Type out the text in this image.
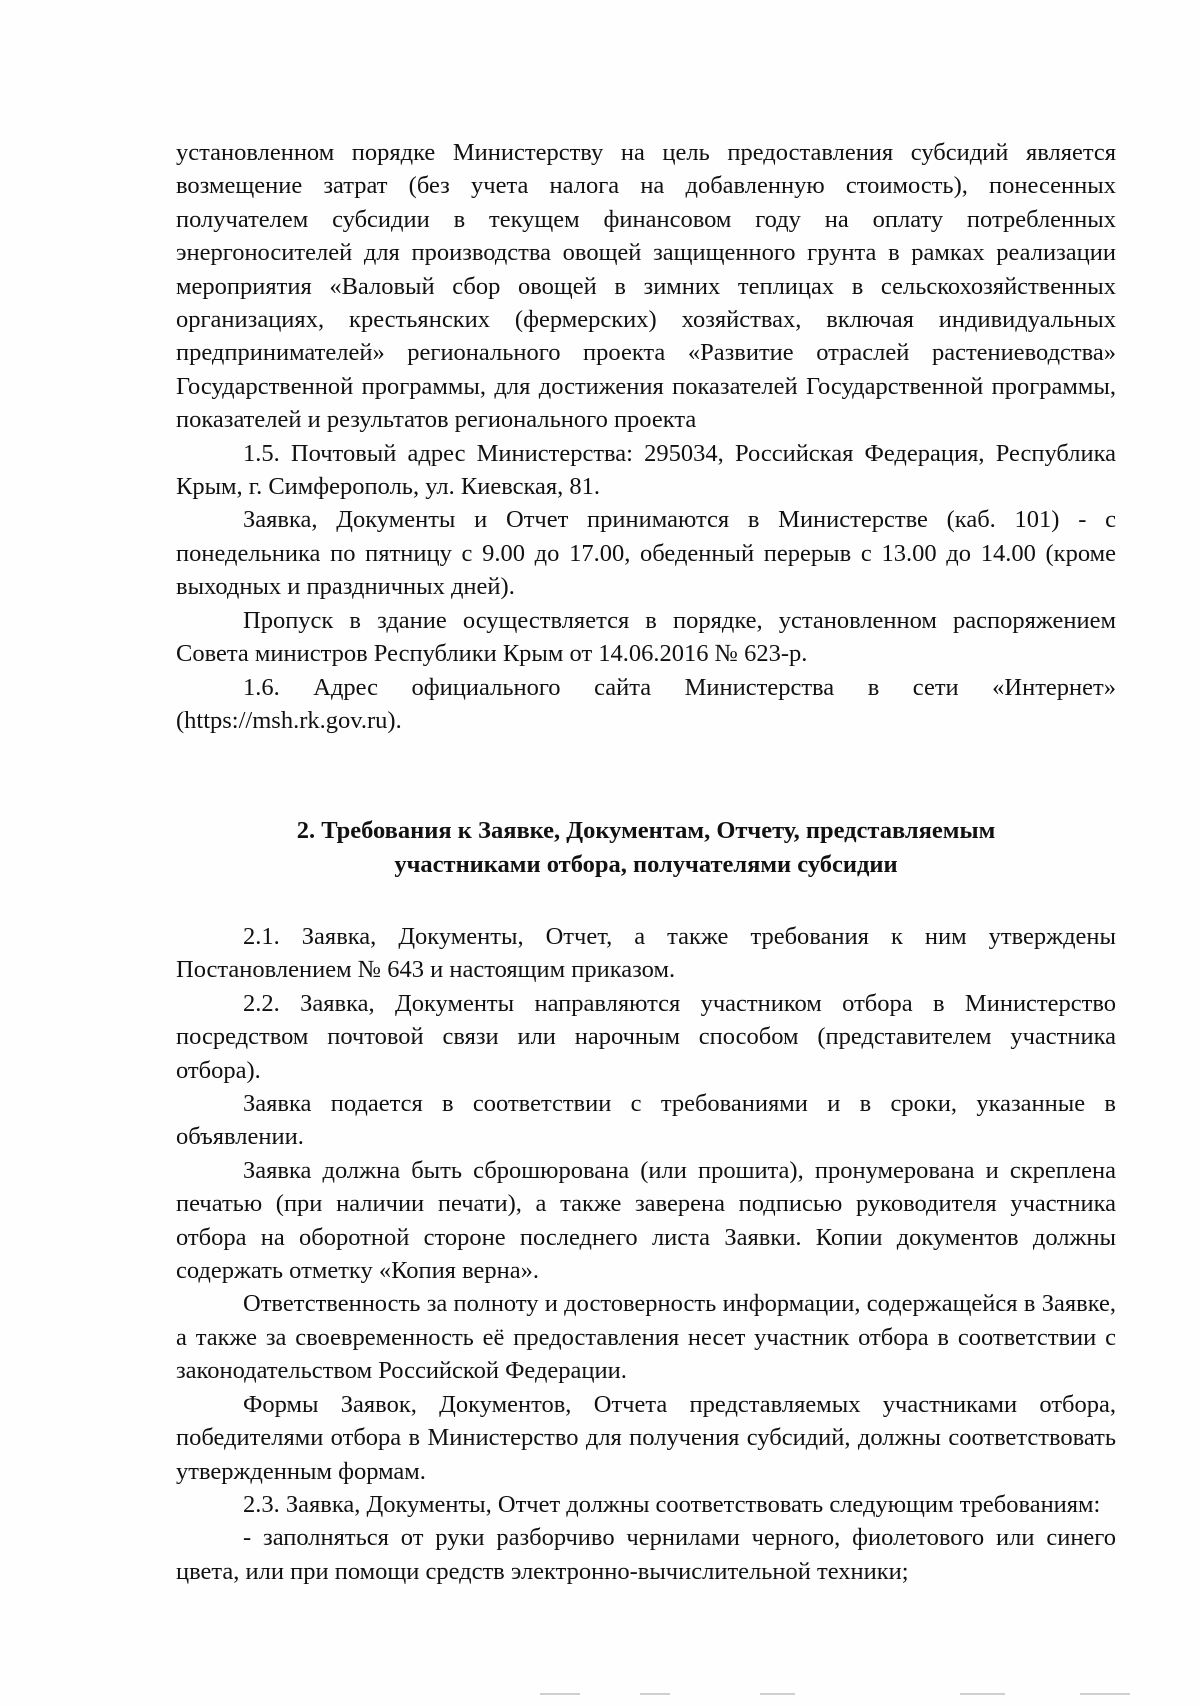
установленном порядке Министерству на цель предоставления субсидий является возмещение затрат (без учета налога на добавленную стоимость), понесенных получателем субсидии в текущем финансовом году на оплату потребленных энергоносителей для производства овощей защищенного грунта в рамках реализации мероприятия «Валовый сбор овощей в зимних теплицах в сельскохозяйственных организациях, крестьянских (фермерских) хозяйствах, включая индивидуальных предпринимателей» регионального проекта «Развитие отраслей растениеводства» Государственной программы, для достижения показателей Государственной программы, показателей и результатов регионального проекта

1.5. Почтовый адрес Министерства: 295034, Российская Федерация, Республика Крым, г. Симферополь, ул. Киевская, 81.

Заявка, Документы и Отчет принимаются в Министерстве (каб. 101) - с понедельника по пятницу с 9.00 до 17.00, обеденный перерыв с 13.00 до 14.00 (кроме выходных и праздничных дней).

Пропуск в здание осуществляется в порядке, установленном распоряжением Совета министров Республики Крым от 14.06.2016 № 623-р.

1.6. Адрес официального сайта Министерства в сети «Интернет» (https://msh.rk.gov.ru).

2. Требования к Заявке, Документам, Отчету, представляемым
участниками отбора, получателями субсидии

2.1. Заявка, Документы, Отчет, а также требования к ним утверждены Постановлением № 643 и настоящим приказом.

2.2. Заявка, Документы направляются участником отбора в Министерство посредством почтовой связи или нарочным способом (представителем участника отбора).

Заявка подается в соответствии с требованиями и в сроки, указанные в объявлении.

Заявка должна быть сброшюрована (или прошита), пронумерована и скреплена печатью (при наличии печати), а также заверена подписью руководителя участника отбора на оборотной стороне последнего листа Заявки. Копии документов должны содержать отметку «Копия верна».

Ответственность за полноту и достоверность информации, содержащейся в Заявке, а также за своевременность её предоставления несет участник отбора в соответствии с законодательством Российской Федерации.

Формы Заявок, Документов, Отчета представляемых участниками отбора, победителями отбора в Министерство для получения субсидий, должны соответствовать утвержденным формам.

2.3. Заявка, Документы, Отчет должны соответствовать следующим требованиям:

- заполняться от руки разборчиво чернилами черного, фиолетового или синего цвета, или при помощи средств электронно-вычислительной техники;
